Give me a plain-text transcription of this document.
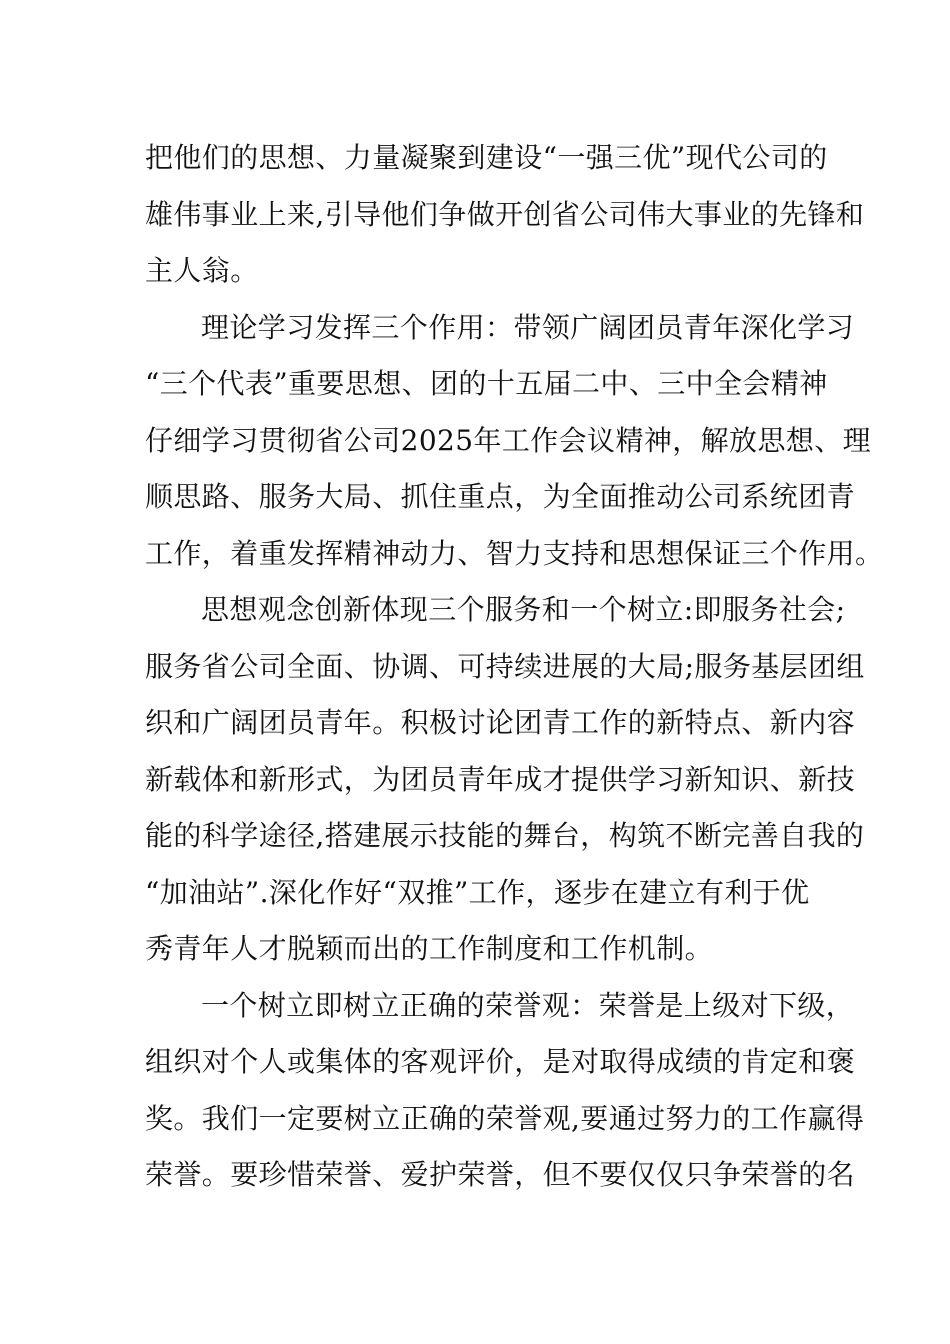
把他们的思想、力量凝聚到建设“一强三优”现代公司的
雄伟事业上来,引导他们争做开创省公司伟大事业的先锋和
主人翁。
理论学习发挥三个作用：带领广阔团员青年深化学习
“三个代表”重要思想、团的十五届二中、三中全会精神
仔细学习贯彻省公司2025年工作会议精神，解放思想、理
顺思路、服务大局、抓住重点，为全面推动公司系统团青
工作，着重发挥精神动力、智力支持和思想保证三个作用。
思想观念创新体现三个服务和一个树立:即服务社会;
服务省公司全面、协调、可持续进展的大局;服务基层团组
织和广阔团员青年。积极讨论团青工作的新特点、新内容
新载体和新形式，为团员青年成才提供学习新知识、新技
能的科学途径,搭建展示技能的舞台，构筑不断完善自我的
“加油站”.深化作好“双推”工作，逐步在建立有利于优
秀青年人才脱颖而出的工作制度和工作机制。
一个树立即树立正确的荣誉观：荣誉是上级对下级，
组织对个人或集体的客观评价，是对取得成绩的肯定和褒
奖。我们一定要树立正确的荣誉观,要通过努力的工作赢得
荣誉。要珍惜荣誉、爱护荣誉，但不要仅仅只争荣誉的名
